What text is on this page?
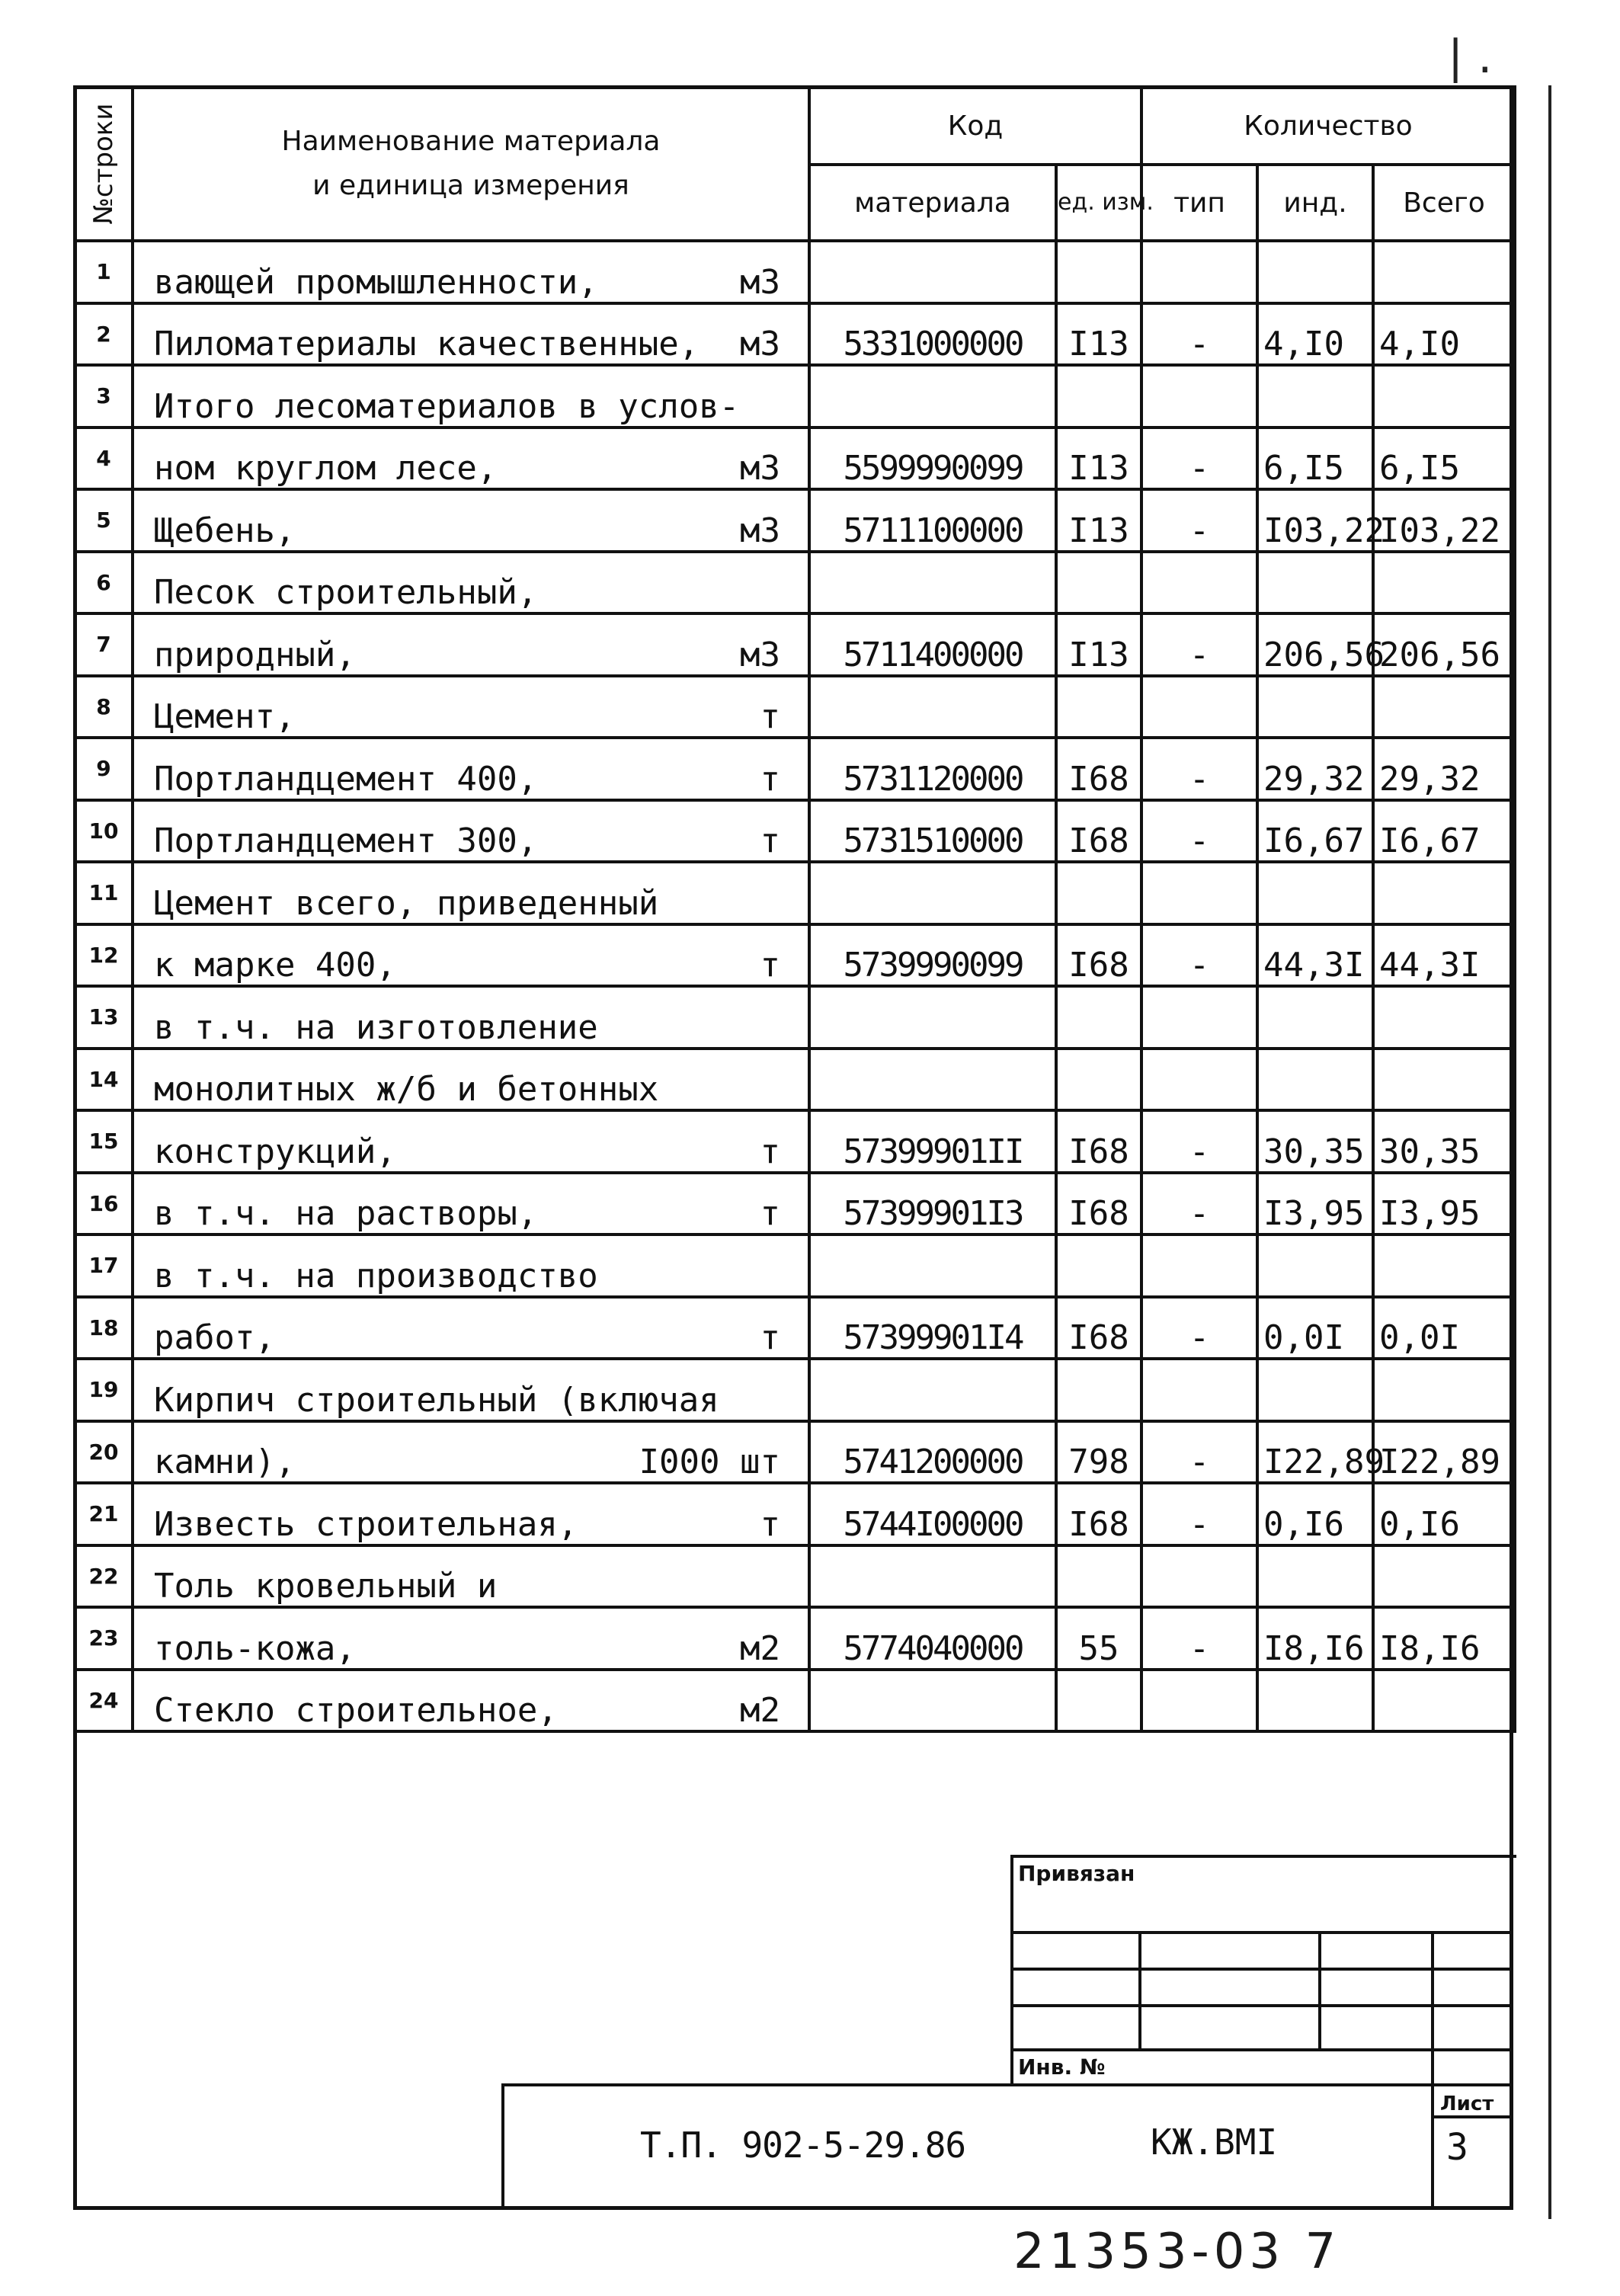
| .
№строки	Наименование материала
и единица измерения	Код		Количество		
		материала	ед. изм.	тип	инд.	Всего
1	вающей промышленности, м3					

2	Пиломатериалы качественные, м3	5331000000	I13	-	4,I0	4,I0
3	Итого лесоматериалов в услов-					

4	ном круглом лесе, м3	5599990099	I13	-	6,I5	6,I5
5	Щебень, м3	5711100000	I13	-	I03,22	I03,22
6	Песок строительный,					

7	природный, м3	5711400000	I13	-	206,56	206,56
8	Цемент, т					

9	Портландцемент 400, т	5731120000	I68	-	29,32	29,32
10	Портландцемент 300, т	5731510000	I68	-	I6,67	I6,67
11	Цемент всего, приведенный					

12	к марке 400, т	5739990099	I68	-	44,3I	44,3I
13	в т.ч. на изготовление					

14	монолитных ж/б и бетонных					

15	конструкций, т	57399901II	I68	-	30,35	30,35
16	в т.ч. на растворы, т	57399901I3	I68	-	I3,95	I3,95
17	в т.ч. на производство					

18	работ, т	57399901I4	I68	-	0,0I	0,0I
19	Кирпич строительный (включая					

20	камни), I000 шт	5741200000	798	-	I22,89	I22,89
21	Известь строительная, т	5744I00000	I68	-	0,I6	0,I6
22	Толь кровельный и					

23	толь-кожа, м2	5774040000	55	-	I8,I6	I8,I6
24	Стекло строительное, м2					

Привязан
Инв. №
Т.П. 902-5-29.86	КЖ.ВМI
Лист
3
21353-03 7
